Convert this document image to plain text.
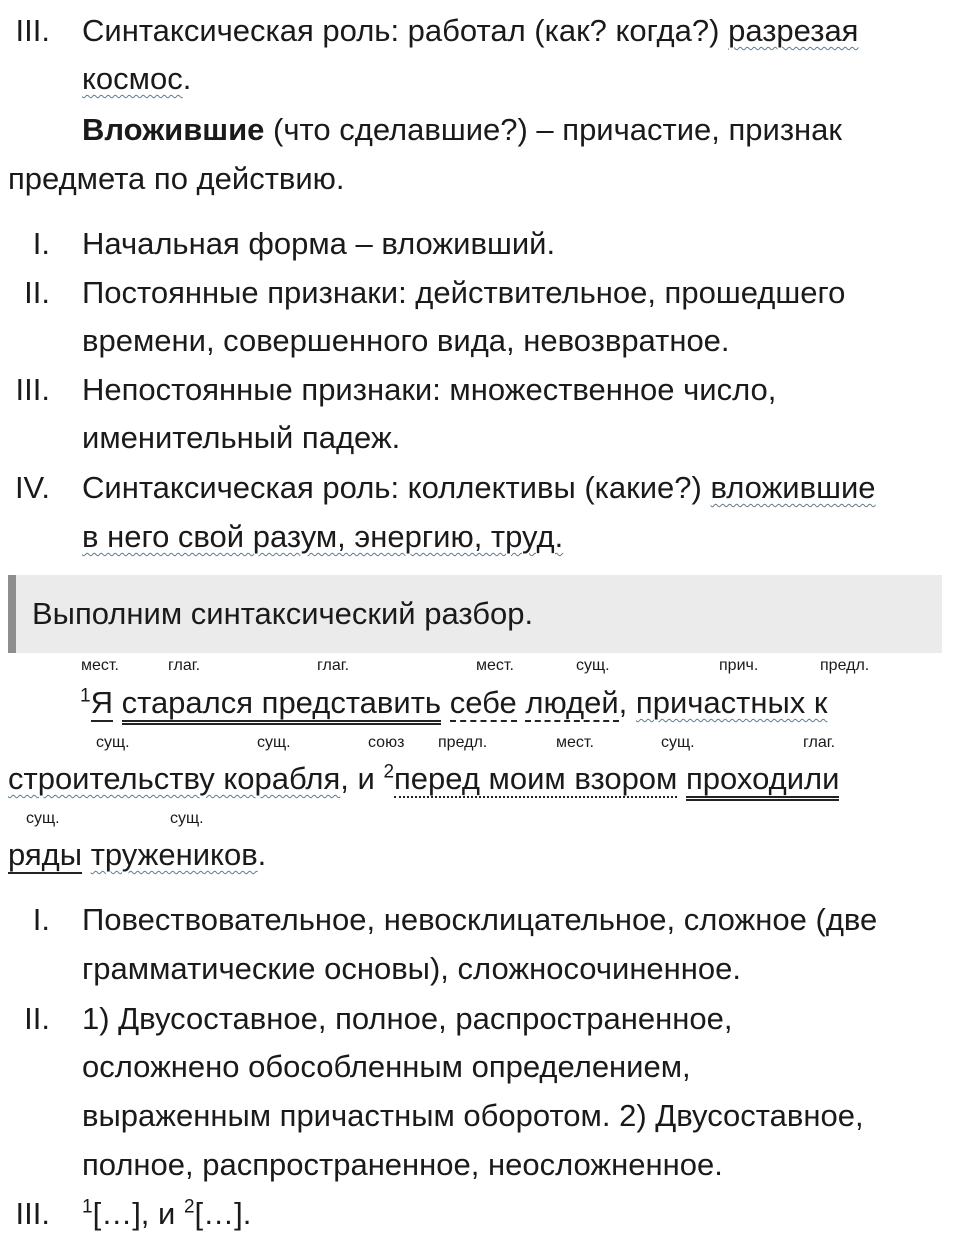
III. Синтаксическая роль: работал (как? когда?) разрезая
космос.
Вложившие (что сделавшие?) – причастие, признак
предмета по действию.
I. Начальная форма – вложивший.
II. Постоянные признаки: действительное, прошедшего
времени, совершенного вида, невозвратное.
III. Непостоянные признаки: множественное число,
именительный падеж.
IV. Синтаксическая роль: коллективы (какие?) вложившие
в него свой разум, энергию, труд.
Выполним синтаксический разбор.
мест.	глаг.	глаг.	мест.	сущ.	прич.	предл.
$^1$Я старался представить себе людей, причастных к
сущ.	сущ.	союз предл.	мест.	сущ.	глаг.
строительству корабля, и $^2$перед моим взором проходили
сущ.	сущ.
ряды тружеников.
I. Повествовательное, невосклицательное, сложное (две
грамматические основы), сложносочиненное.
II. 1) Двусоставное, полное, распространенное,
осложнено обособленным определением,
выраженным причастным оборотом. 2) Двусоставное,
полное, распространенное, неосложненное.
III. $^1$[…], и $^2$[…].
